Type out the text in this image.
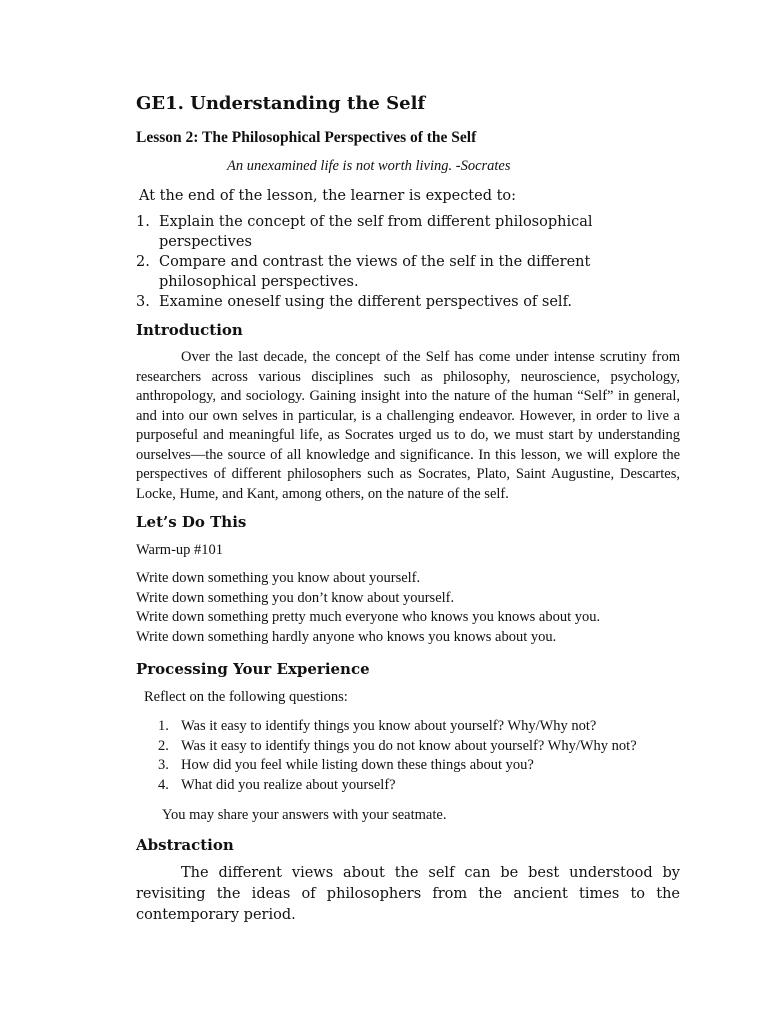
GE1. Understanding the Self
Lesson 2: The Philosophical Perspectives of the Self
An unexamined life is not worth living. -Socrates
At the end of the lesson, the learner is expected to:
1. Explain the concept of the self from different philosophical perspectives
2. Compare and contrast the views of the self in the different philosophical perspectives.
3. Examine oneself using the different perspectives of self.
Introduction

Over the last decade, the concept of the Self has come under intense scrutiny from researchers across various disciplines such as philosophy, neuroscience, psychology, anthropology, and sociology. Gaining insight into the nature of the human “Self” in general, and into our own selves in particular, is a challenging endeavor. However, in order to live a purposeful and meaningful life, as Socrates urged us to do, we must start by understanding ourselves—the source of all knowledge and significance. In this lesson, we will explore the perspectives of different philosophers such as Socrates, Plato, Saint Augustine, Descartes, Locke, Hume, and Kant, among others, on the nature of the self.

Let’s Do This
Warm-up #101
Write down something you know about yourself.
Write down something you don’t know about yourself.
Write down something pretty much everyone who knows you knows about you.
Write down something hardly anyone who knows you knows about you.
Processing Your Experience
Reflect on the following questions:
1. Was it easy to identify things you know about yourself? Why/Why not?
2. Was it easy to identify things you do not know about yourself? Why/Why not?
3. How did you feel while listing down these things about you?
4. What did you realize about yourself?
You may share your answers with your seatmate.
Abstraction

The different views about the self can be best understood by revisiting the ideas of philosophers from the ancient times to the contemporary period.
